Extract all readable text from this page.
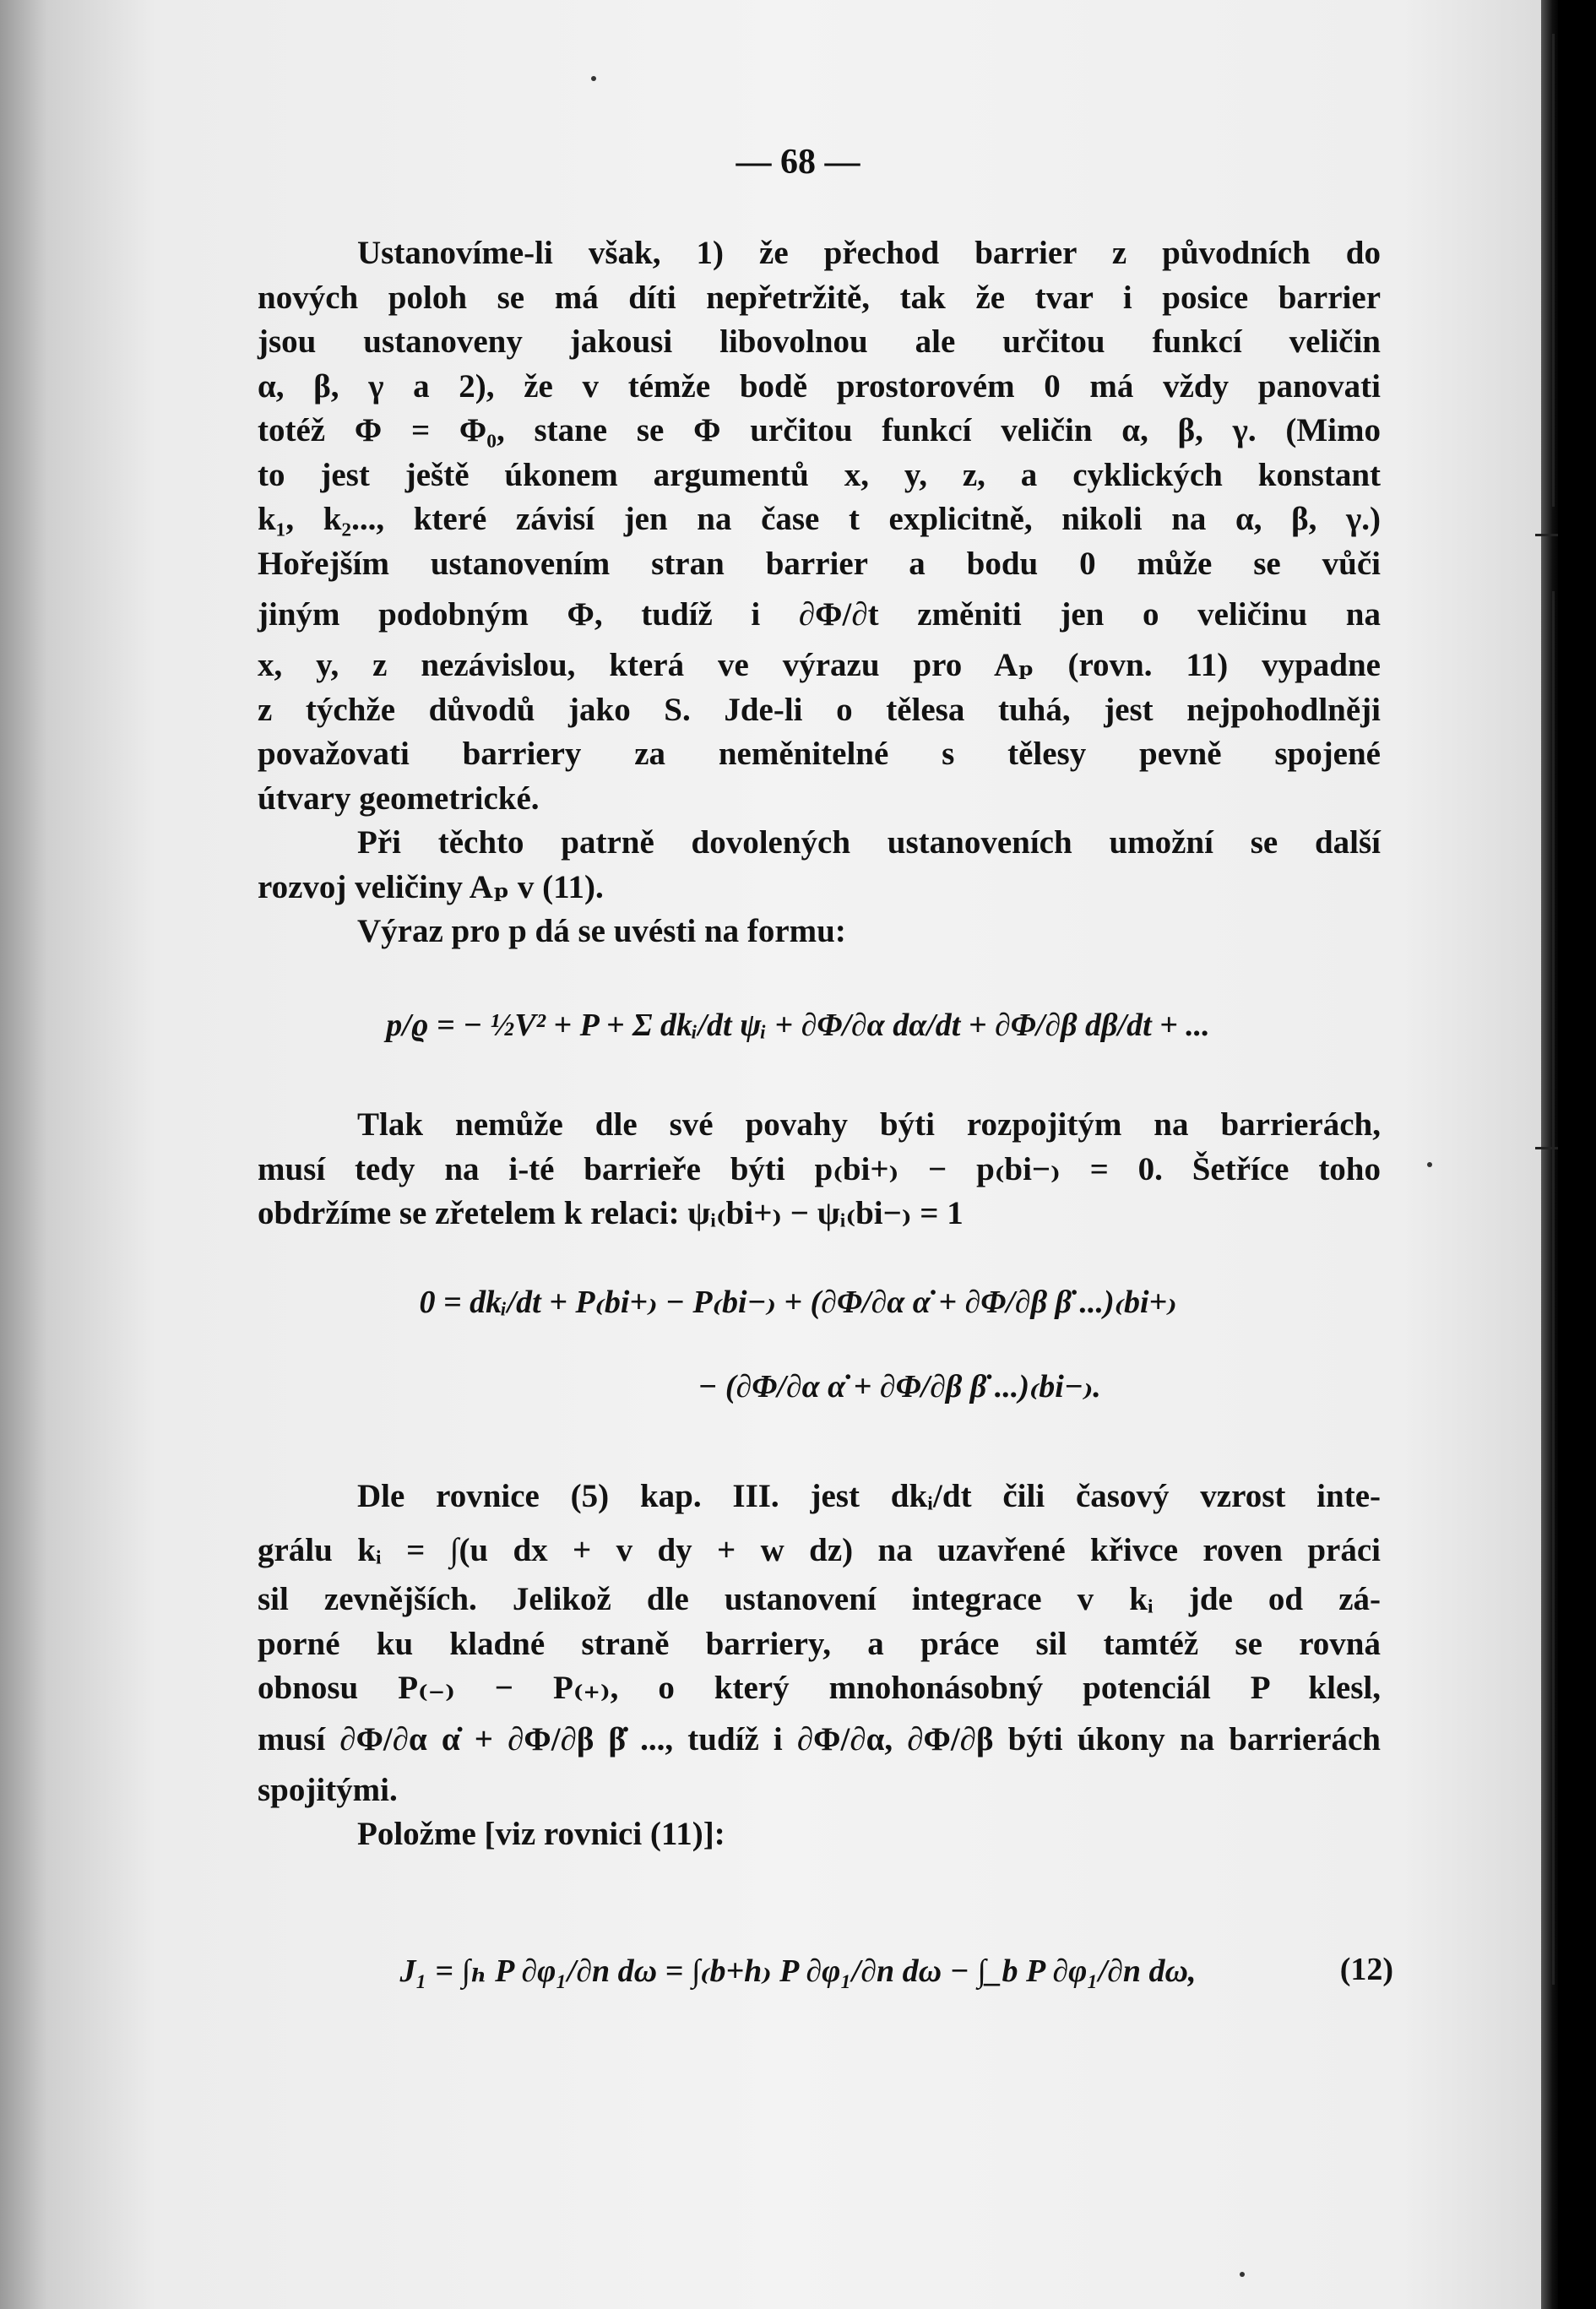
— 68 —

Ustanovíme-li však, 1) že přechod barrier z původních do

nových poloh se má díti nepřetržitě, tak že tvar i posice barrier

jsou ustanoveny jakousi libovolnou ale určitou funkcí veličin

α, β, γ a 2), že v témže bodě prostorovém 0 má vždy panovati

totéž Φ = Φ₀, stane se Φ určitou funkcí veličin α, β, γ. (Mimo

to jest ještě úkonem argumentů x, y, z, a cyklických konstant

k₁, k₂..., které závisí jen na čase t explicitně, nikoli na α, β, γ.)

Hořejším ustanovením stran barrier a bodu 0 může se vůči

jiným podobným Φ, tudíž i ∂Φ/∂t změniti jen o veličinu na

x, y, z nezávislou, která ve výrazu pro Aₚ (rovn. 11) vypadne

z týchže důvodů jako S. Jde-li o tělesa tuhá, jest nejpohodlněji

považovati barriery za neměnitelné s tělesy pevně spojené

útvary geometrické.

Při těchto patrně dovolených ustanoveních umožní se další

rozvoj veličiny Aₚ v (11).

Výraz pro p dá se uvésti na formu:

p/ϱ = − ½V² + P + Σ dkᵢ/dt ψᵢ + ∂Φ/∂α dα/dt + ∂Φ/∂β dβ/dt + ...

Tlak nemůže dle své povahy býti rozpojitým na barrierách,

musí tedy na i-té barrieře býti p₍bi+₎ − p₍bi−₎ = 0. Šetříce toho

obdržíme se zřetelem k relaci: ψᵢ₍bi+₎ − ψᵢ₍bi−₎ = 1

0 = dkᵢ/dt + P₍bi+₎ − P₍bi−₎ + (∂Φ/∂α α̇ + ∂Φ/∂β β̇ ...)₍bi+₎
− (∂Φ/∂α α̇ + ∂Φ/∂β β̇ ...)₍bi−₎.

Dle rovnice (5) kap. III. jest dkᵢ/dt čili časový vzrost inte-

grálu kᵢ = ∫(u dx + v dy + w dz) na uzavřené křivce roven práci

sil zevnějších. Jelikož dle ustanovení integrace v kᵢ jde od zá-

porné ku kladné straně barriery, a práce sil tamtéž se rovná

obnosu P₍₋₎ − P₍₊₎, o který mnohonásobný potenciál P klesl,

musí ∂Φ/∂α α̇ + ∂Φ/∂β β̇ ..., tudíž i ∂Φ/∂α, ∂Φ/∂β býti úkony na barrierách

spojitými.

Položme [viz rovnici (11)]:

J₁ = ∫ₕ P ∂φ₁/∂n dω = ∫₍b+h₎ P ∂φ₁/∂n dω − ∫_b P ∂φ₁/∂n dω,	(12)
